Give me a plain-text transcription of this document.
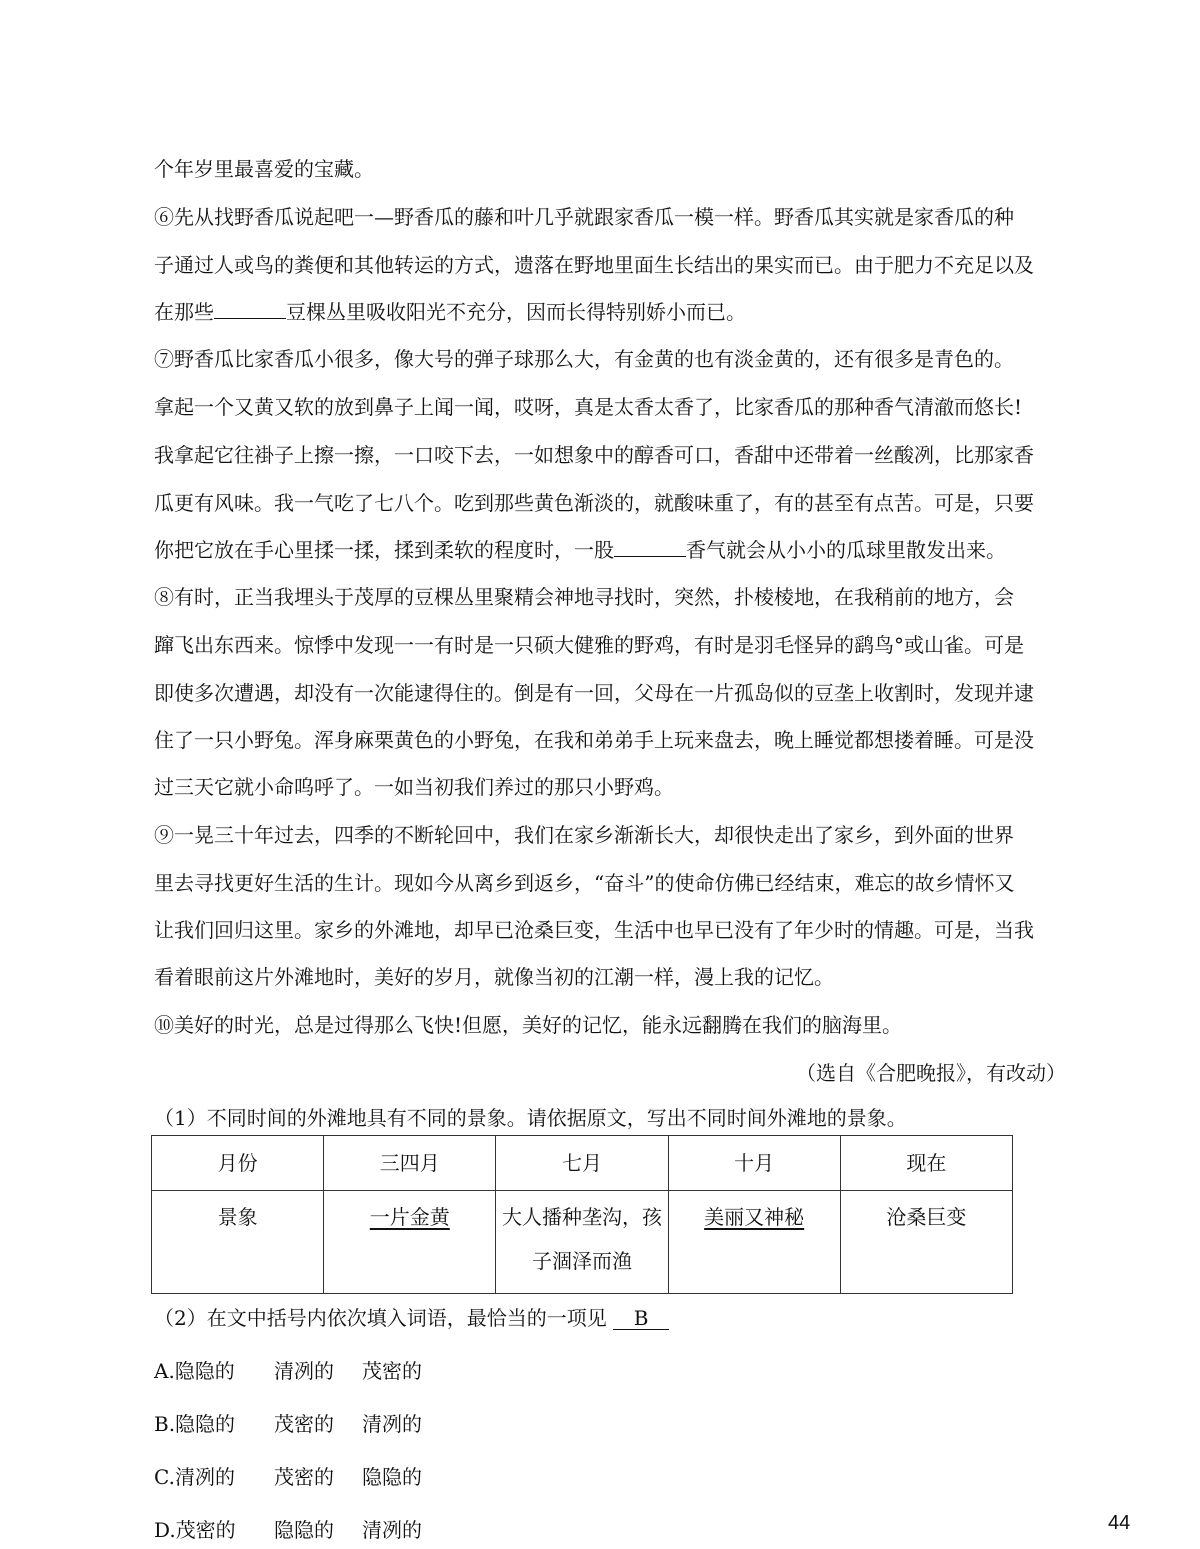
个年岁里最喜爱的宝藏。
⑥先从找野香瓜说起吧一—野香瓜的藤和叶几乎就跟家香瓜一模一样。野香瓜其实就是家香瓜的种
子通过人或鸟的粪便和其他转运的方式，遗落在野地里面生长结出的果实而已。由于肥力不充足以及
在那些	豆棵丛里吸收阳光不充分，因而长得特别娇小而已。
⑦野香瓜比家香瓜小很多，像大号的弹子球那么大，有金黄的也有淡金黄的，还有很多是青色的。
拿起一个又黄又软的放到鼻子上闻一闻，哎呀，真是太香太香了，比家香瓜的那种香气清澈而悠长!
我拿起它往褂子上擦一擦，一口咬下去，一如想象中的醇香可口，香甜中还带着一丝酸冽，比那家香
瓜更有风味。我一气吃了七八个。吃到那些黄色渐淡的，就酸味重了，有的甚至有点苦。可是，只要
你把它放在手心里揉一揉，揉到柔软的程度时，一股	香气就会从小小的瓜球里散发出来。
⑧有时，正当我埋头于茂厚的豆棵丛里聚精会神地寻找时，突然，扑棱棱地，在我稍前的地方，会
蹿飞出东西来。惊悸中发现一一有时是一只硕大健雅的野鸡，有时是羽毛怪异的鹞鸟°或山雀。可是
即使多次遭遇，却没有一次能逮得住的。倒是有一回，父母在一片孤岛似的豆垄上收割时，发现并逮
住了一只小野兔。浑身麻栗黄色的小野兔，在我和弟弟手上玩来盘去，晚上睡觉都想搂着睡。可是没
过三天它就小命呜呼了。一如当初我们养过的那只小野鸡。
⑨一晃三十年过去，四季的不断轮回中，我们在家乡渐渐长大，却很快走出了家乡，到外面的世界
里去寻找更好生活的生计。现如今从离乡到返乡，“奋斗”的使命仿佛已经结束，难忘的故乡情怀又
让我们回归这里。家乡的外滩地，却早已沧桑巨变，生活中也早已没有了年少时的情趣。可是，当我
看着眼前这片外滩地时，美好的岁月，就像当初的江潮一样，漫上我的记忆。
⑩美好的时光，总是过得那么飞快!但愿，美好的记忆，能永远翻腾在我们的脑海里。
（选自《合肥晚报》，有改动）
（1）不同时间的外滩地具有不同的景象。请依据原文，写出不同时间外滩地的景象。
月份	三四月	七月	十月	现在
景象	一片金黄	大人播种垄沟，孩
子涸泽而渔	美丽又神秘	沧桑巨变
（2）在文中括号内依次填入词语，最恰当的一项见 B
A.隐隐的 清冽的 茂密的
B.隐隐的 茂密的 清冽的
C.清冽的 茂密的 隐隐的
D.茂密的 隐隐的 清冽的	44
